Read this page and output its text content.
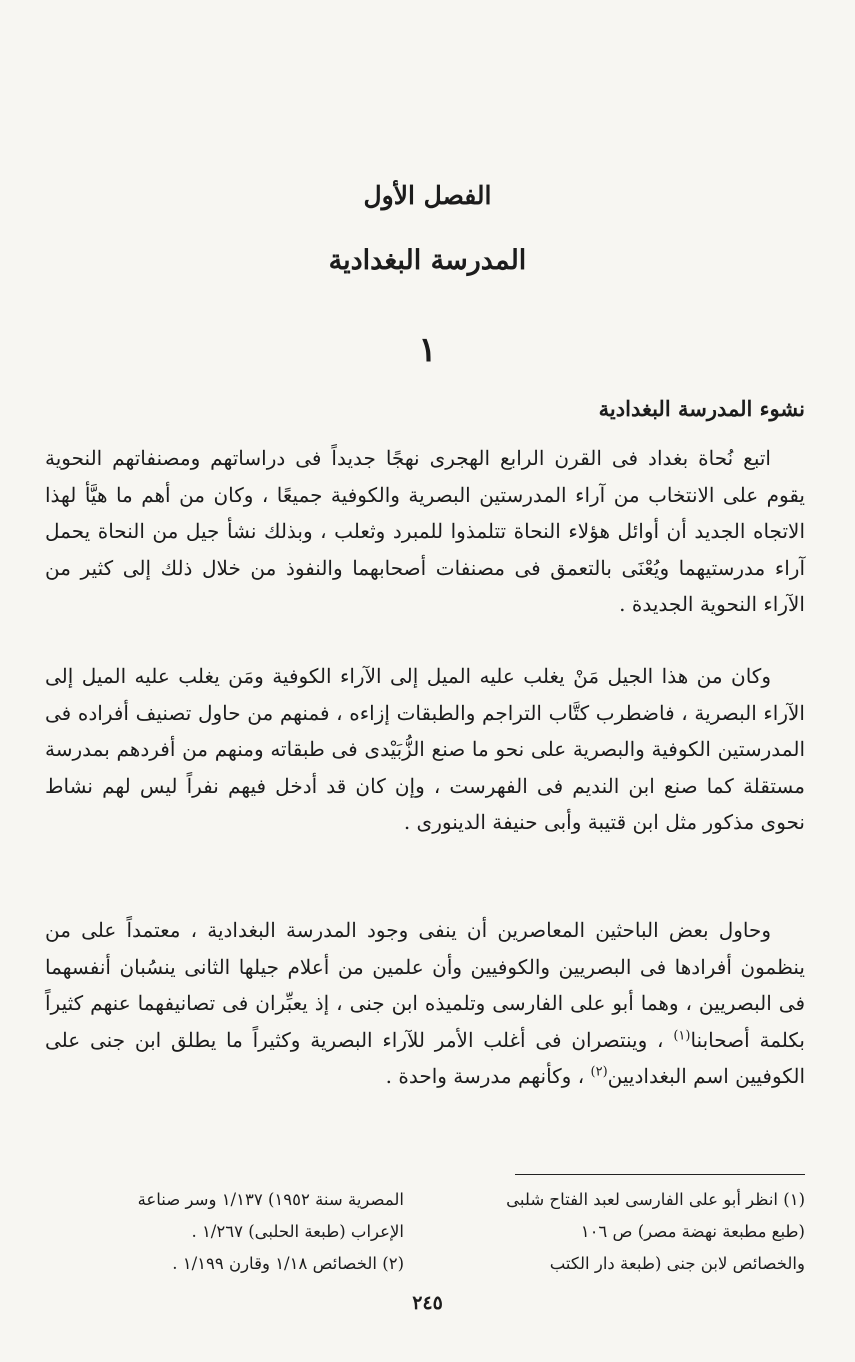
الفصل الأول
المدرسة البغدادية
١
نشوء المدرسة البغدادية

اتبع نُحاة بغداد فى القرن الرابع الهجرى نهجًا جديداً فى دراساتهم ومصنفاتهم النحوية يقوم على الانتخاب من آراء المدرستين البصرية والكوفية جميعًا ، وكان من أهم ما هيَّأ لهذا الاتجاه الجديد أن أوائل هؤلاء النحاة تتلمذوا للمبرد وثعلب ، وبذلك نشأ جيل من النحاة يحمل آراء مدرستيهما ويُعْنَى بالتعمق فى مصنفات أصحابهما والنفوذ من خلال ذلك إلى كثير من الآراء النحوية الجديدة .

وكان من هذا الجيل مَنْ يغلب عليه الميل إلى الآراء الكوفية ومَن يغلب عليه الميل إلى الآراء البصرية ، فاضطرب كتَّاب التراجم والطبقات إزاءه ، فمنهم من حاول تصنيف أفراده فى المدرستين الكوفية والبصرية على نحو ما صنع الزُّبَيْدى فى طبقاته ومنهم من أفردهم بمدرسة مستقلة كما صنع ابن النديم فى الفهرست ، وإن كان قد أدخل فيهم نفراً ليس لهم نشاط نحوى مذكور مثل ابن قتيبة وأبى حنيفة الدينورى .

وحاول بعض الباحثين المعاصرين أن ينفى وجود المدرسة البغدادية ، معتمداً على من ينظمون أفرادها فى البصريين والكوفيين وأن علمين من أعلام جيلها الثانى ينسُبان أنفسهما فى البصريين ، وهما أبو على الفارسى وتلميذه ابن جنى ، إذ يعبِّران فى تصانيفهما عنهم كثيراً بكلمة أصحابنا$^{(١)}$ ، وينتصران فى أغلب الأمر للآراء البصرية وكثيراً ما يطلق ابن جنى على الكوفيين اسم البغداديين$^{(٢)}$ ، وكأنهم مدرسة واحدة .

(١) انظر أبو على الفارسى لعبد الفتاح شلبى
(طبع مطبعة نهضة مصر) ص ١٠٦
والخصائص لابن جنى (طبعة دار الكتب
المصرية سنة ١٩٥٢) ١/١٣٧ وسر صناعة
الإعراب (طبعة الحلبى) ١/٢٦٧ .
(٢) الخصائص ١/١٨ وقارن ١/١٩٩ .
٢٤٥
